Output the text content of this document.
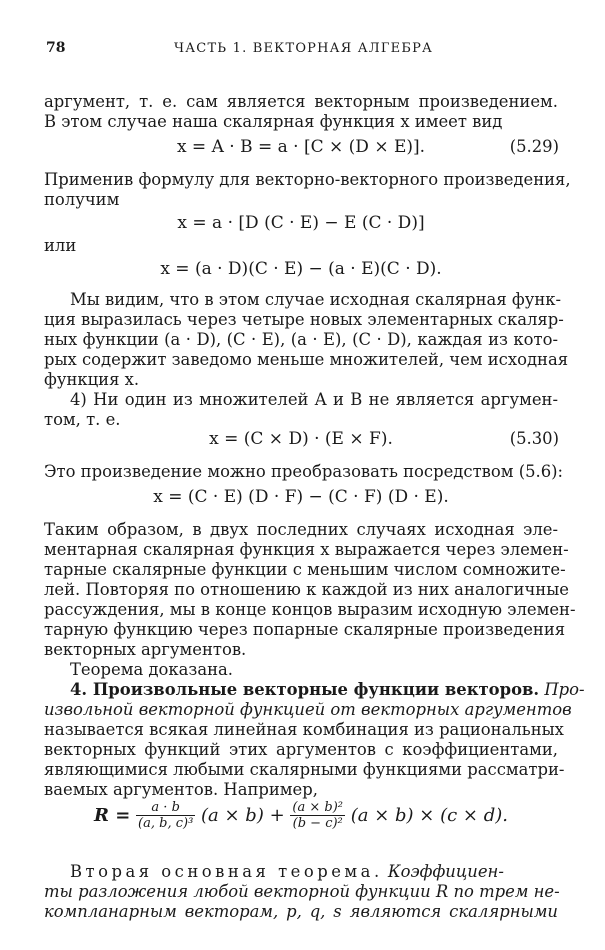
78	ЧАСТЬ 1. ВЕКТОРНАЯ АЛГЕБРА
аргумент, т. е. сам является векторным произведением.
В этом случае наша скалярная функция x имеет вид
x = A · B = a · [C × (D × E)].	(5.29)
Применив формулу для векторно-векторного произведения,
получим
x = a · [D (C · E) − E (C · D)]
или
x = (a · D)(C · E) − (a · E)(C · D).
Мы видим, что в этом случае исходная скалярная функ-
ция выразилась через четыре новых элементарных скаляр-
ных функции (a · D), (C · E), (a · E), (C · D), каждая из кото-
рых содержит заведомо меньше множителей, чем исходная
функция x.
4) Ни один из множителей A и B не является аргумен-
том, т. е.
x = (C × D) · (E × F).	(5.30)
Это произведение можно преобразовать посредством (5.6):
x = (C · E) (D · F) − (C · F) (D · E).
Таким образом, в двух последних случаях исходная эле-
ментарная скалярная функция x выражается через элемен-
тарные скалярные функции с меньшим числом сомножите-
лей. Повторяя по отношению к каждой из них аналогичные
рассуждения, мы в конце концов выразим исходную элемен-
тарную функцию через попарные скалярные произведения
векторных аргументов.
Теорема доказана.
4. Произвольные векторные функции векторов. Про-
извольной векторной функцией от векторных аргументов
называется всякая линейная комбинация из рациональных
векторных функций этих аргументов с коэффициентами,
являющимися любыми скалярными функциями рассматри-
ваемых аргументов. Например,
$R = \frac{a \cdot b}{\text{(a, b, c)³}} (a \times b) + \frac{\text{(a × b)²}}{\text{(b − c)²}} (a \times b) \times (c \times d)$.
Вторая основная теорема. Коэффициен-
ты разложения любой векторной функции R по трем не-
компланарным векторам, p, q, s являются скалярными
